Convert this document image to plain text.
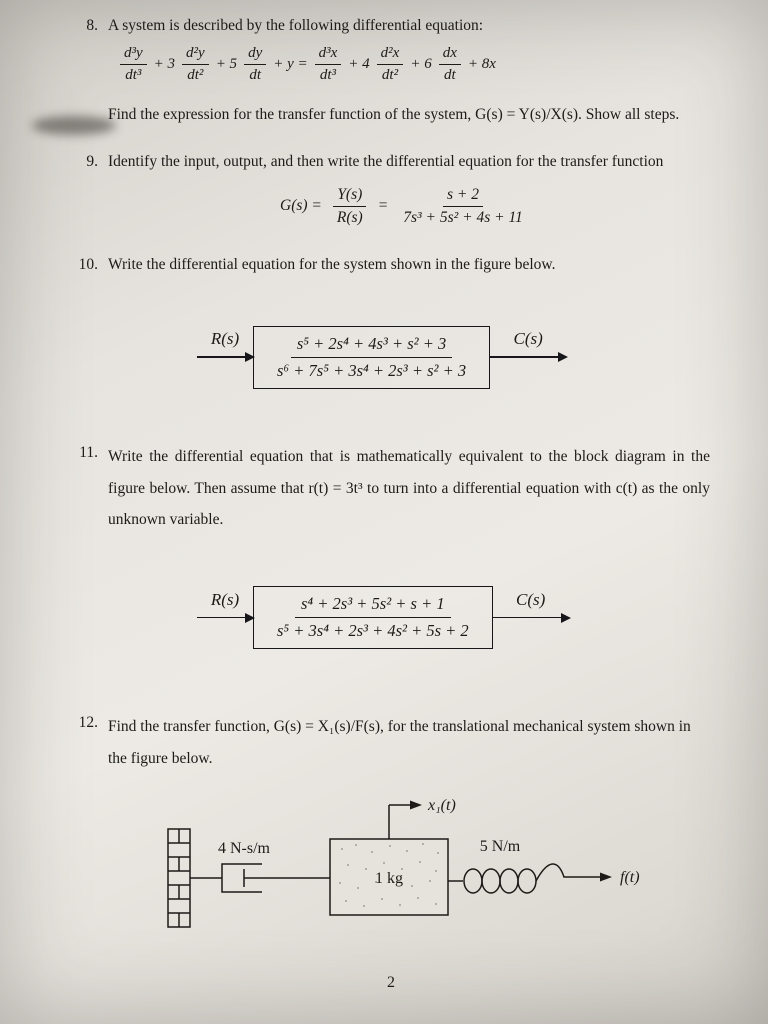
8. A system is described by the following differential equation:
$\frac{\text{d³y}}{\text{dt³}} + 3 \frac{\text{d²y}}{\text{dt²}} + 5 \frac{dy}{dt} + y = \frac{\text{d³x}}{\text{dt³}} + 4 \frac{\text{d²x}}{\text{dt²}} + 6 \frac{dx}{dt} + 8x$
Find the expression for the transfer function of the system, G(s) = Y(s)/X(s). Show all steps.
9. Identify the input, output, and then write the differential equation for the transfer function
$G(s) = \frac{Y(s)}{R(s)} = \frac{s + 2}{\text{7s³ + 5s² + 4s + 11}}$
10. Write the differential equation for the system shown in the figure below.
$R(s) \frac{\text{s⁵ + 2s⁴ + 4s³ + s² + 3}}{\text{s⁶ + 7s⁵ + 3s⁴ + 2s³ + s² + 3}} C(s)$
11. Write the differential equation that is mathematically equivalent to the block diagram in the figure below. Then assume that r(t) = 3t³ to turn into a differential equation with c(t) as the only unknown variable.
$R(s) \frac{\text{s⁴ + 2s³ + 5s² + s + 1}}{\text{s⁵ + 3s⁴ + 2s³ + 4s² + 5s + 2}} C(s)$
12. Find the transfer function, G(s) = X₁(s)/F(s), for the translational mechanical system shown in the figure below.
4 N-s/m
1 kg
5 N/m
x₁(t)
f(t)
2
